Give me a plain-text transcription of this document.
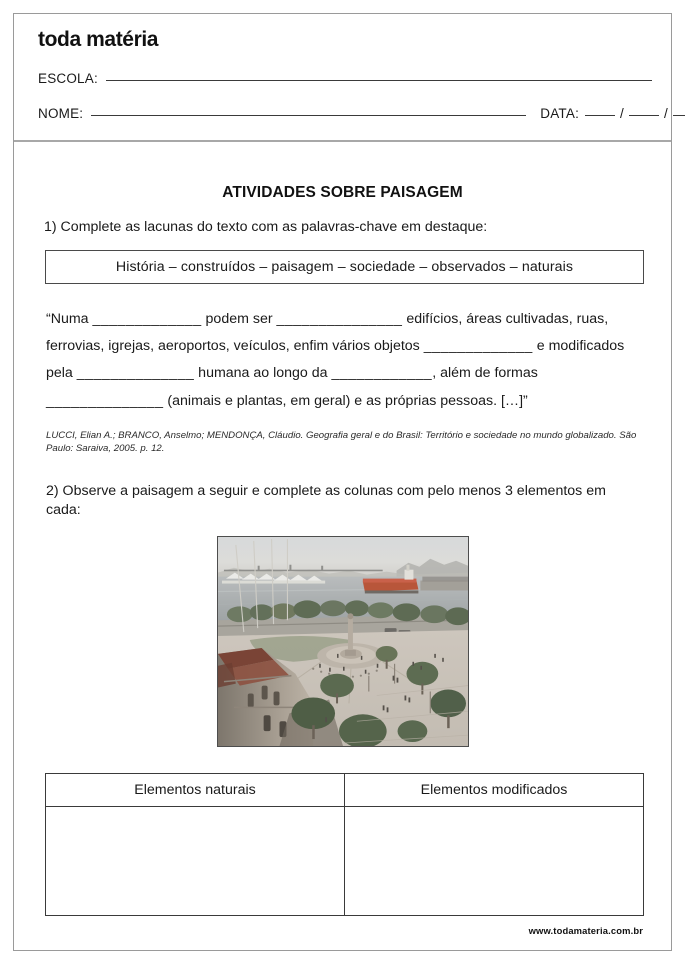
toda matéria
ESCOLA:
NOME:	DATA:	/	/
ATIVIDADES SOBRE PAISAGEM

1) Complete as lacunas do texto com as palavras-chave em destaque:

História – construídos – paisagem – sociedade – observados – naturais

“Numa _____________ podem ser _______________ edifícios, áreas cultivadas, ruas, ferrovias, igrejas, aeroportos, veículos, enfim vários objetos _____________ e modificados pela ______________ humana ao longo da ____________, além de formas ______________ (animais e plantas, em geral) e as próprias pessoas. […]”

LUCCI, Elian A.; BRANCO, Anselmo; MENDONÇA, Cláudio. Geografia geral e do Brasil: Território e sociedade no mundo globalizado. São Paulo: Saraiva, 2005. p. 12.

2) Observe a paisagem a seguir e complete as colunas com pelo menos 3 elementos em cada:

Elementos naturais	Elementos modificados

www.todamateria.com.br
